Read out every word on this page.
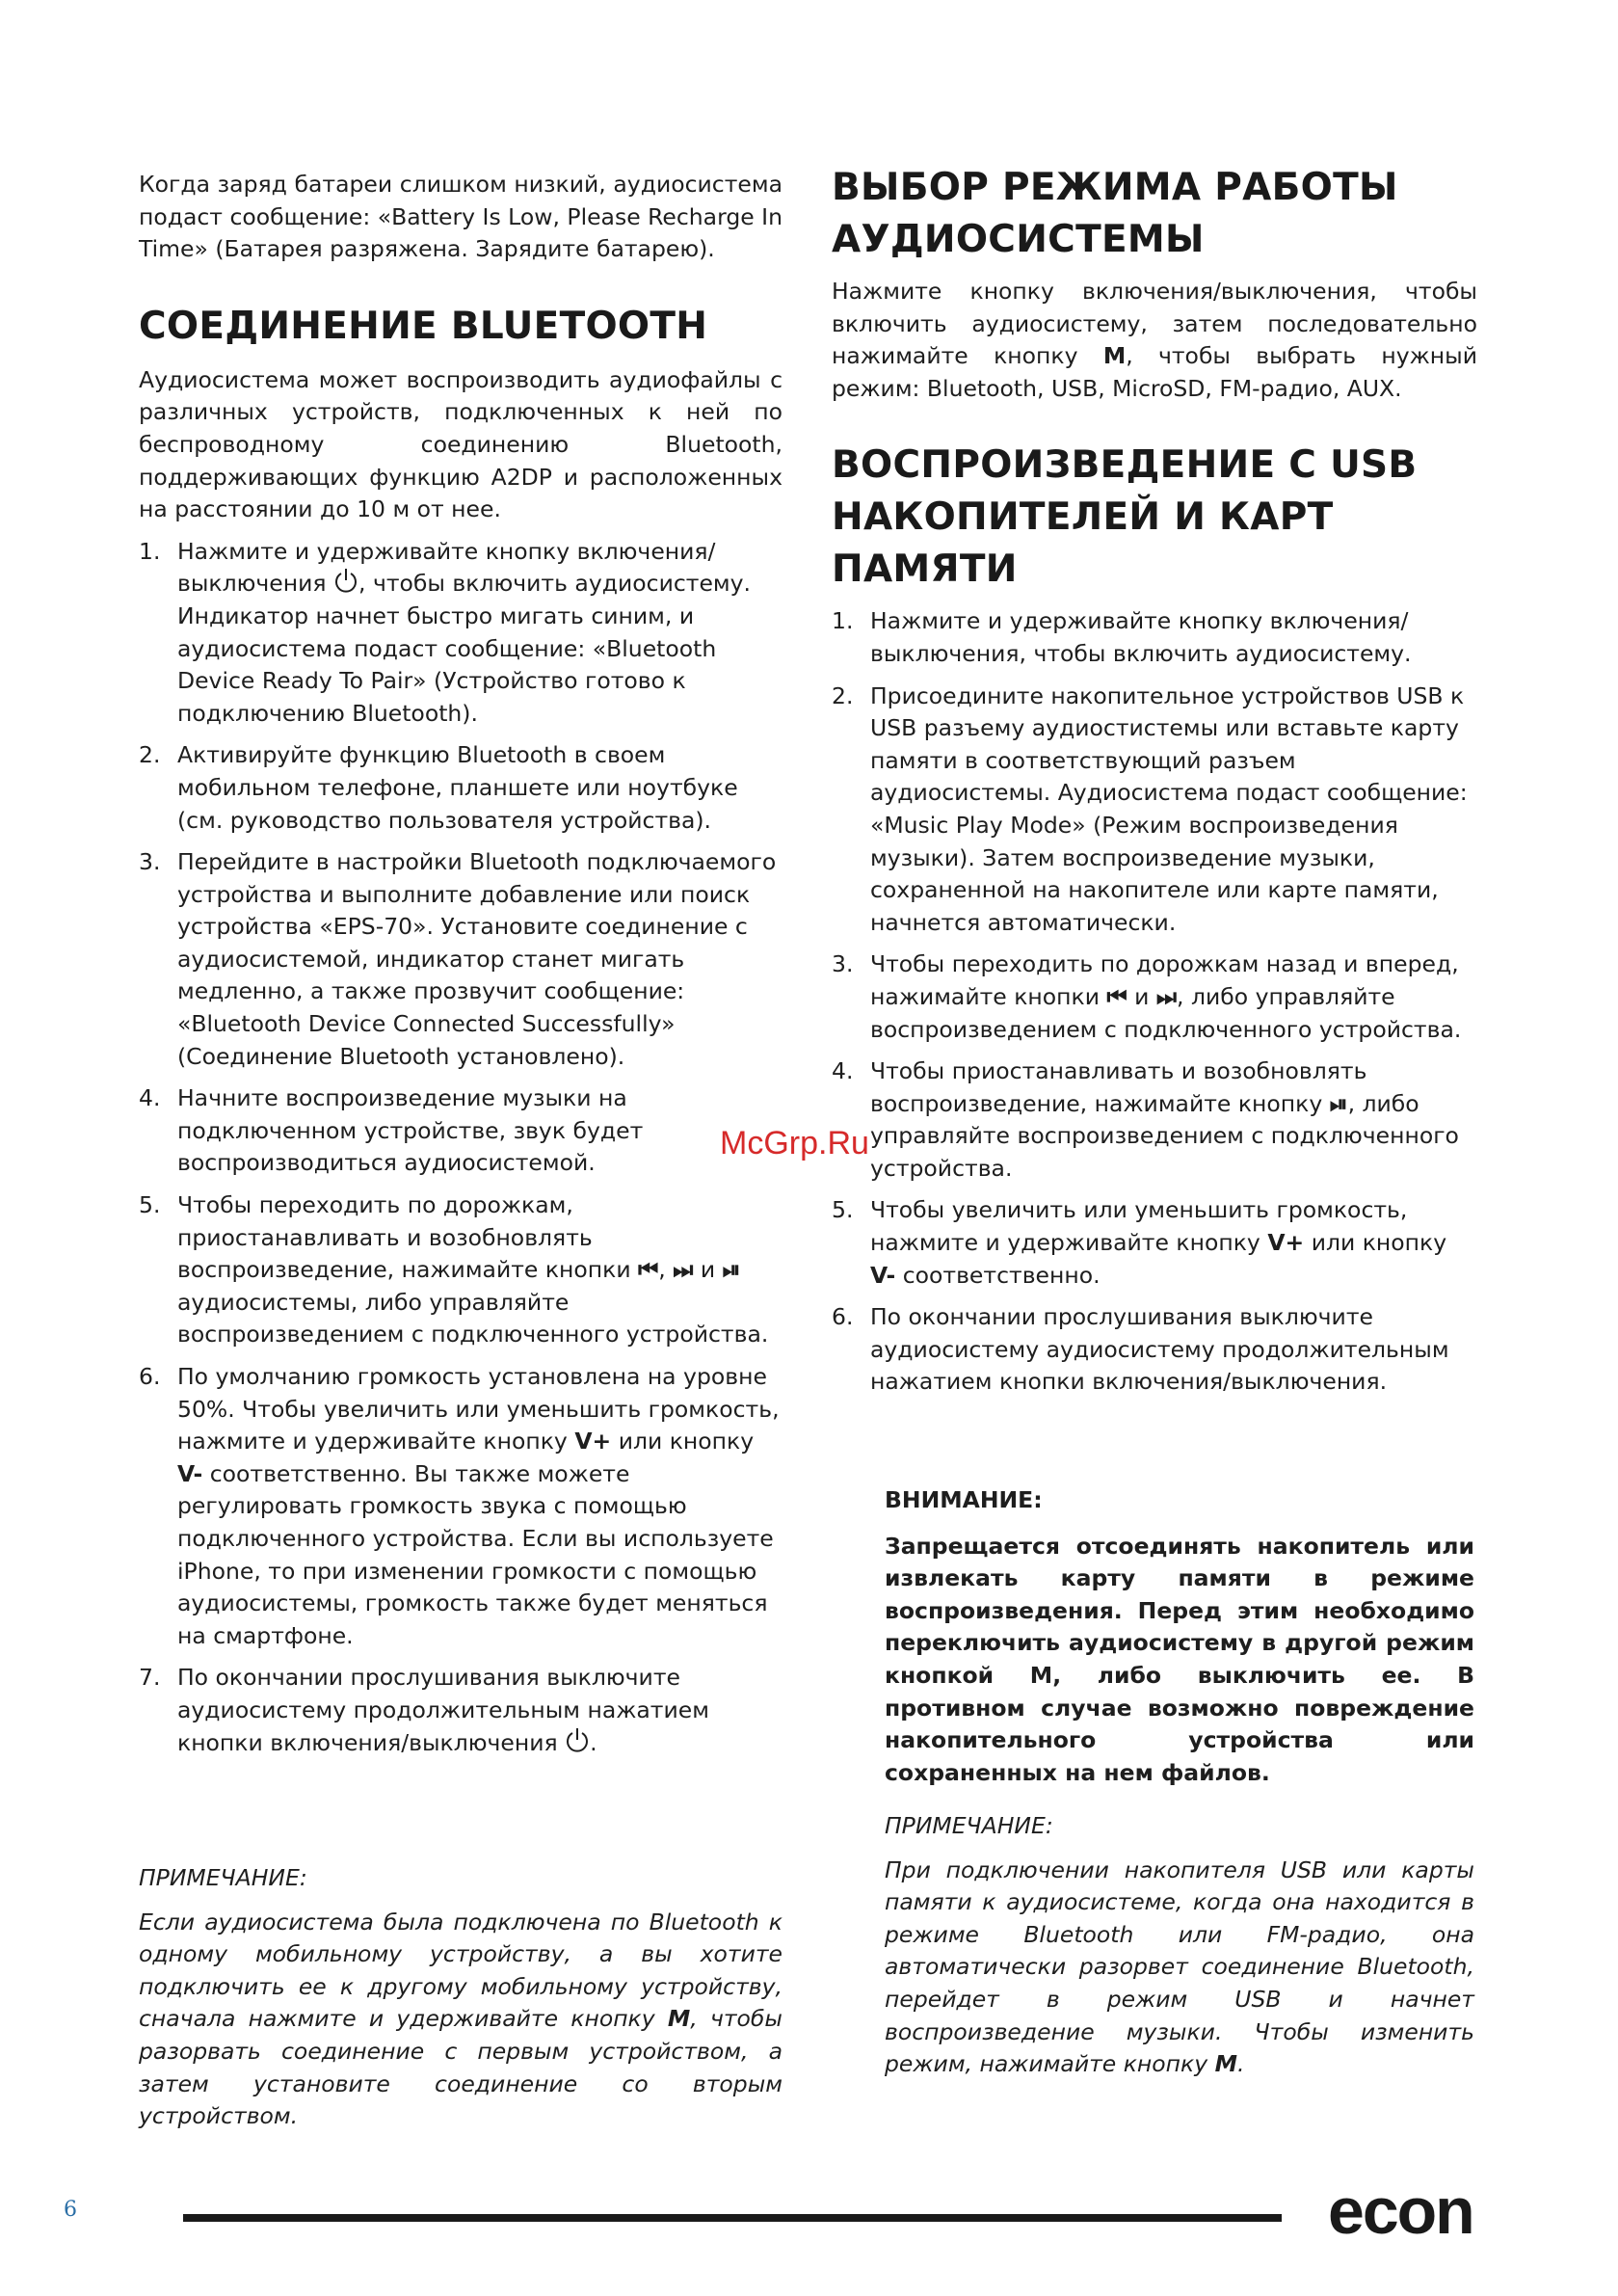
Когда заряд батареи слишком низкий, аудиосистема подаст сообщение: «Battery Is Low, Please Recharge In Time» (Батарея разряжена. Зарядите батарею).

СОЕДИНЕНИЕ BLUETOOTH

Аудиосистема может воспроизводить аудиофайлы с различных устройств, подключенных к ней по беспроводному соединению Bluetooth, поддерживающих функцию A2DP и расположенных на расстоянии до 10 м от нее.

1. Нажмите и удерживайте кнопку включения/ выключения , чтобы включить аудиосистему. Индикатор начнет быстро мигать синим, и аудиосистема подаст сообщение: «Bluetooth Device Ready To Pair» (Устройство готово к подключению Bluetooth).
2. Активируйте функцию Bluetooth в своем мобильном телефоне, планшете или ноутбуке (см. руководство пользователя устройства).
3. Перейдите в настройки Bluetooth подключаемого устройства и выполните добавление или поиск устройства «EPS-70». Установите соединение с аудиосистемой, индикатор станет мигать медленно, а также прозвучит сообщение: «Bluetooth Device Connected Successfully» (Соединение Bluetooth установлено).
4. Начните воспроизведение музыки на подключенном устройстве, звук будет воспроизводиться аудиосистемой.
5. Чтобы переходить по дорожкам, приостанавливать и возобновлять воспроизведение, нажимайте кнопки ⏮, ⏭ и ⏯ аудиосистемы, либо управляйте воспроизведением с подключенного устройства.
6. По умолчанию громкость установлена на уровне 50%. Чтобы увеличить или уменьшить громкость, нажмите и удерживайте кнопку V+ или кнопку V- соответственно. Вы также можете регулировать громкость звука с помощью подключенного устройства. Если вы используете iPhone, то при изменении громкости с помощью аудиосистемы, громкость также будет меняться на смартфоне.
7. По окончании прослушивания выключите аудиосистему продолжительным нажатием кнопки включения/выключения .
ПРИМЕЧАНИЕ:

Если аудиосистема была подключена по Bluetooth к одному мобильному устройству, а вы хотите подключить ее к другому мобильному устройству, сначала нажмите и удерживайте кнопку М, чтобы разорвать соединение с первым устройством, а затем установите соединение со вторым устройством.

ВЫБОР РЕЖИМА РАБОТЫ АУДИОСИСТЕМЫ

Нажмите кнопку включения/выключения, чтобы включить аудиосистему, затем последовательно нажимайте кнопку М, чтобы выбрать нужный режим: Bluetooth, USB, MicroSD, FM-радио, AUX.

ВОСПРОИЗВЕДЕНИЕ С USB НАКОПИТЕЛЕЙ И КАРТ ПАМЯТИ
1. Нажмите и удерживайте кнопку включения/ выключения, чтобы включить аудиосистему.
2. Присоедините накопительное устройствов USB к USB разъему аудиостистемы или вставьте карту памяти в соответствующий разъем аудиосистемы. Аудиосистема подаст сообщение: «Music Play Mode» (Режим воспроизведения музыки). Затем воспроизведение музыки, сохраненной на накопителе или карте памяти, начнется автоматически.
3. Чтобы переходить по дорожкам назад и вперед, нажимайте кнопки ⏮ и ⏭, либо управляйте воспроизведением с подключенного устройства.
4. Чтобы приостанавливать и возобновлять воспроизведение, нажимайте кнопку ⏯, либо управляйте воспроизведением с подключенного устройства.
5. Чтобы увеличить или уменьшить громкость, нажмите и удерживайте кнопку V+ или кнопку V- соответственно.
6. По окончании прослушивания выключите аудиосистему аудиосистему продолжительным нажатием кнопки включения/выключения.
ВНИМАНИЕ:

Запрещается отсоединять накопитель или извлекать карту памяти в режиме воспроизведения. Перед этим необходимо переключить аудиосистему в другой режим кнопкой М, либо выключить ее. В противном случае возможно повреждение накопительного устройства или сохраненных на нем файлов.

ПРИМЕЧАНИЕ:

При подключении накопителя USB или карты памяти к аудиосистеме, когда она находится в режиме Bluetooth или FM-радио, она автоматически разорвет соединение Bluetooth, перейдет в режим USB и начнет воспроизведение музыки. Чтобы изменить режим, нажимайте кнопку М.

McGrp.Ru
6	econ
